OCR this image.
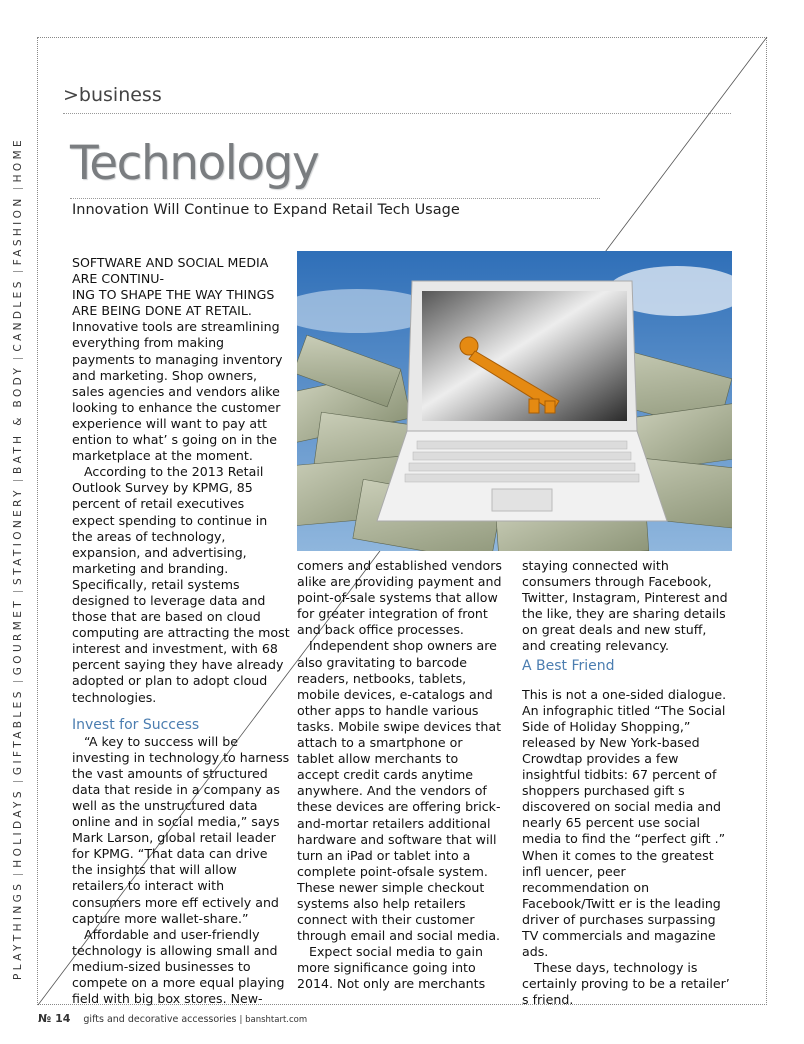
PLAYTHINGSHOLIDAYSGIFTABLESGOURMETSTATIONERYBATH & BODYCANDLESFASHIONHOME
>business
Technology
Innovation Will Continue to Expand Retail Tech Usage

SOFTWARE AND SOCIAL MEDIA

ARE CONTINU-

ING TO SHAPE THE WAY THINGS

ARE BEING DONE AT RETAIL.

Innovative tools are streamlining everything from making payments to managing inventory and marketing. Shop owners, sales agencies and vendors alike looking to enhance the customer experience will want to pay att ention to what’ s going on in the marketplace at the moment.

According to the 2013 Retail Outlook Survey by KPMG, 85 percent of retail executives expect spending to continue in the areas of technology, expansion, and advertising, marketing and branding. Specifically, retail systems designed to leverage data and those that are based on cloud computing are attracting the most interest and investment, with 68 percent saying they have already adopted or plan to adopt cloud technologies.

Invest for Success

“A key to success will be investing in technology to harness the vast amounts of structured data that reside in a company as well as the unstructured data online and in social media,” says Mark Larson, global retail leader for KPMG. “That data can drive the insights that will allow retailers to interact with consumers more eff ectively and capture more wallet-share.”

Affordable and user-friendly technology is allowing small and medium-sized businesses to compete on a more equal playing field with big box stores. New-

comers and established vendors alike are providing payment and point-of-sale systems that allow for greater integration of front and back office processes.

Independent shop owners are also gravitating to barcode readers, netbooks, tablets, mobile devices, e-catalogs and other apps to handle various tasks. Mobile swipe devices that attach to a smartphone or tablet allow merchants to accept credit cards anytime anywhere. And the vendors of these devices are offering brick-and-mortar retailers additional hardware and software that will turn an iPad or tablet into a complete point-ofsale system. These newer simple checkout systems also help retailers connect with their customer through email and social media.

Expect social media to gain more significance going into 2014. Not only are merchants

staying connected with consumers through Facebook, Twitter, Instagram, Pinterest and the like, they are sharing details on great deals and new stuff, and creating relevancy.

A Best Friend

This is not a one-sided dialogue. An infographic titled “The Social Side of Holiday Shopping,” released by New York-based Crowdtap provides a few insightful tidbits: 67 percent of shoppers purchased gift s discovered on social media and nearly 65 percent use social media to find the “perfect gift .” When it comes to the greatest infl uencer, peer recommendation on Facebook/Twitt er is the leading driver of purchases surpassing TV commercials and magazine ads.

These days, technology is certainly proving to be a retailer’ s friend.

№ 14 gifts and decorative accessories | banshtart.com
